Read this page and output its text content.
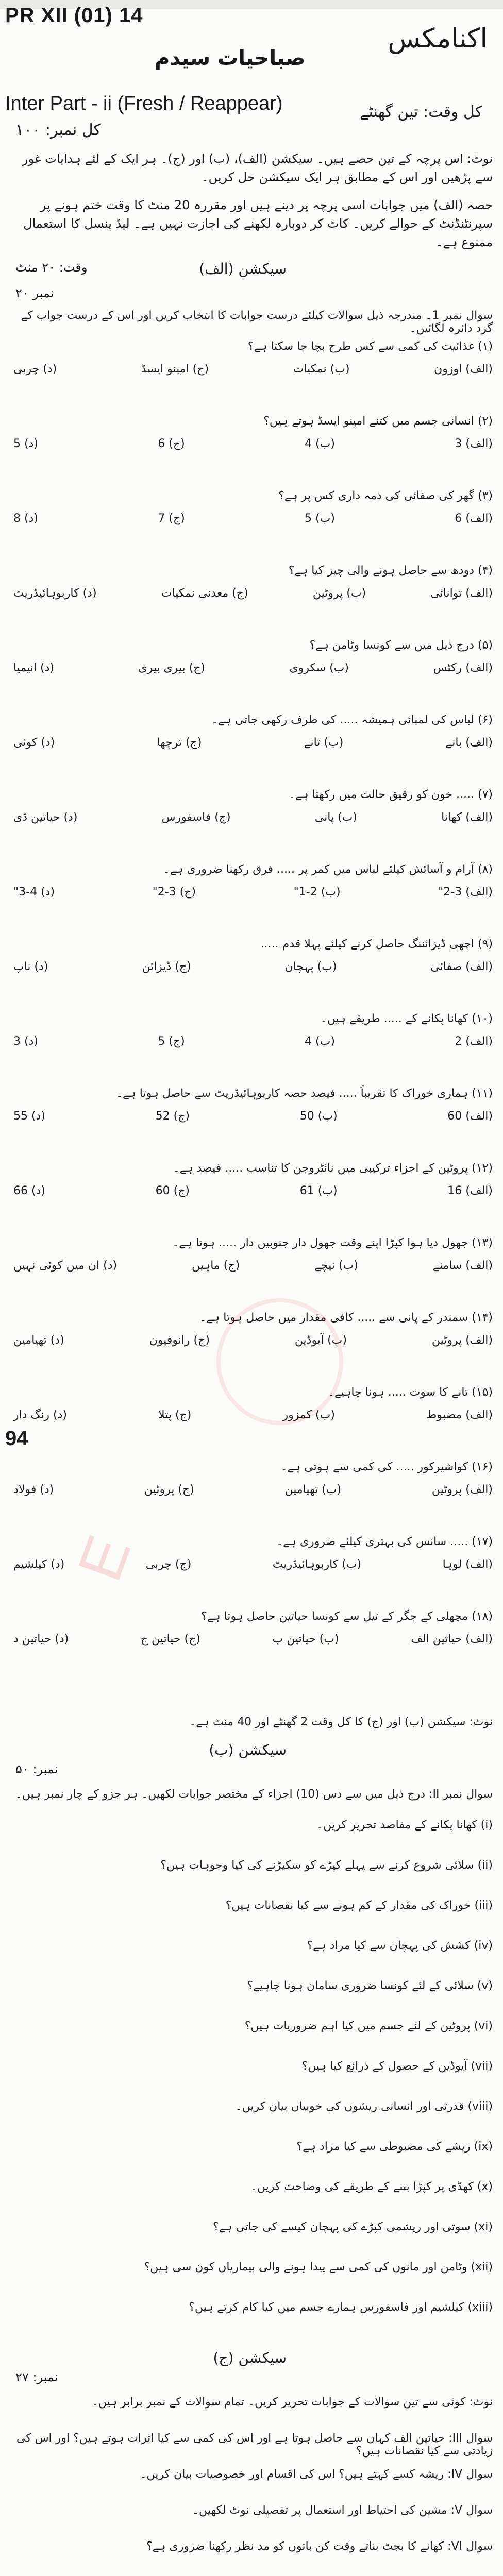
PR XII (01) 14
اکنامکس
صباحیات سیدم
Inter Part - ii (Fresh / Reappear)	کل وقت: تین گھنٹے
کل نمبر: ۱۰۰
نوٹ: اس پرچہ کے تین حصے ہیں۔ سیکشن (الف)، (ب) اور (ج)۔ ہر ایک کے لئے ہدایات غور سے پڑھیں اور اس کے مطابق ہر ایک سیکشن حل کریں۔
حصہ (الف) میں جوابات اسی پرچہ پر دینے ہیں اور مقررہ 20 منٹ کا وقت ختم ہونے پر سپرنٹنڈنٹ کے حوالے کریں۔ کاٹ کر دوبارہ لکھنے کی اجازت نہیں ہے۔ لیڈ پنسل کا استعمال ممنوع ہے۔
وقت: ۲۰ منٹ	سیکشن (الف)
نمبر ۲۰
سوال نمبر 1۔ مندرجہ ذیل سوالات کیلئے درست جوابات کا انتخاب کریں اور اس کے درست جواب کے گرد دائرہ لگائیں۔
(۱) غذائیت کی کمی سے کس طرح بچا جا سکتا ہے؟
(الف) اوزون
(ب) نمکیات
(ج) امینو ایسڈ
(د) چربی
(۲) انسانی جسم میں کتنے امینو ایسڈ ہوتے ہیں؟
(الف) 3
(ب) 4
(ج) 6
(د) 5
(۳) گھر کی صفائی کی ذمہ داری کس پر ہے؟
(الف) 6
(ب) 5
(ج) 7
(د) 8
(۴) دودھ سے حاصل ہونے والی چیز کیا ہے؟
(الف) توانائی
(ب) پروٹین
(ج) معدنی نمکیات
(د) کاربوہائیڈریٹ
(۵) درج ذیل میں سے کونسا وٹامن ہے؟
(الف) رکٹس
(ب) سکروی
(ج) بیری بیری
(د) انیمیا
(۶) لباس کی لمبائی ہمیشہ ..... کی طرف رکھی جاتی ہے۔
(الف) بانے
(ب) تانے
(ج) ترچھا
(د) کوئی
(۷) ..... خون کو رقیق حالت میں رکھتا ہے۔
(الف) کھانا
(ب) پانی
(ج) فاسفورس
(د) حیاتین ڈی
(۸) آرام و آسائش کیلئے لباس میں کمر پر ..... فرق رکھنا ضروری ہے۔
(الف) 3-2"
(ب) 2-1"
(ج) 3-2"
(د) 4-3"
(۹) اچھی ڈیزائننگ حاصل کرنے کیلئے پہلا قدم .....
(الف) صفائی
(ب) پہچان
(ج) ڈیزائن
(د) ناپ
(۱۰) کھانا پکانے کے ..... طریقے ہیں۔
(الف) 2
(ب) 4
(ج) 5
(د) 3
(۱۱) ہماری خوراک کا تقریباً ..... فیصد حصہ کاربوہائیڈریٹ سے حاصل ہوتا ہے۔
(الف) 60
(ب) 50
(ج) 52
(د) 55
(۱۲) پروٹین کے اجزاء ترکیبی میں نائٹروجن کا تناسب ..... فیصد ہے۔
(الف) 16
(ب) 61
(ج) 60
(د) 66
(۱۳) جھول دیا ہوا کپڑا اپنے وقت جھول دار جنوبیں دار ..... ہوتا ہے۔
(الف) سامنے
(ب) نیچے
(ج) ماہیں
(د) ان میں کوئی نہیں
(۱۴) سمندر کے پانی سے ..... کافی مقدار میں حاصل ہوتا ہے۔
(الف) پروٹین
(ب) آیوڈین
(ج) رانوفیون
(د) تھیامین
(۱۵) تانے کا سوت ..... ہونا چاہیے۔
(الف) مضبوط
(ب) کمزور
(ج) پتلا
(د) رنگ دار
(۱۶) کواشیرکور ..... کی کمی سے ہوتی ہے۔
(الف) پروٹین
(ب) تھیامین
(ج) پروٹین
(د) فولاد
(۱۷) ..... سانس کی بہتری کیلئے ضروری ہے۔
(الف) لوہا
(ب) کاربوہائیڈریٹ
(ج) چربی
(د) کیلشیم
(۱۸) مچھلی کے جگر کے تیل سے کونسا حیاتین حاصل ہوتا ہے؟
(الف) حیاتین الف
(ب) حیاتین ب
(ج) حیاتین ج
(د) حیاتین د
94
E
نوٹ: سیکشن (ب) اور (ج) کا کل وقت 2 گھنٹے اور 40 منٹ ہے۔
سیکشن (ب)
نمبر: ۵۰
سوال نمبر II: درج ذیل میں سے دس (10) اجزاء کے مختصر جوابات لکھیں۔ ہر جزو کے چار نمبر ہیں۔
(i) کھانا پکانے کے مقاصد تحریر کریں۔
(ii) سلائی شروع کرنے سے پہلے کپڑے کو سکیڑنے کی کیا وجوہات ہیں؟
(iii) خوراک کی مقدار کے کم ہونے سے کیا نقصانات ہیں؟
(iv) کشش کی پہچان سے کیا مراد ہے؟
(v) سلائی کے لئے کونسا ضروری سامان ہونا چاہیے؟
(vi) پروٹین کے لئے جسم میں کیا اہم ضروریات ہیں؟
(vii) آیوڈین کے حصول کے ذرائع کیا ہیں؟
(viii) قدرتی اور انسانی ریشوں کی خوبیاں بیان کریں۔
(ix) ریشے کی مضبوطی سے کیا مراد ہے؟
(x) کھڈی پر کپڑا بننے کے طریقے کی وضاحت کریں۔
(xi) سوتی اور ریشمی کپڑے کی پہچان کیسے کی جاتی ہے؟
(xii) وٹامن اور مانوں کی کمی سے پیدا ہونے والی بیماریاں کون سی ہیں؟
(xiii) کیلشیم اور فاسفورس ہمارے جسم میں کیا کام کرتے ہیں؟
سیکشن (ج)
نمبر: ۲۷
نوٹ: کوئی سے تین سوالات کے جوابات تحریر کریں۔ تمام سوالات کے نمبر برابر ہیں۔
سوال III: حیاتین الف کہاں سے حاصل ہوتا ہے اور اس کی کمی سے کیا اثرات ہوتے ہیں؟ اور اس کی زیادتی سے کیا نقصانات ہیں؟
سوال IV: ریشہ کسے کہتے ہیں؟ اس کی اقسام اور خصوصیات بیان کریں۔
سوال V: مشین کی احتیاط اور استعمال پر تفصیلی نوٹ لکھیں۔
سوال VI: کھانے کا بجٹ بناتے وقت کن باتوں کو مد نظر رکھنا ضروری ہے؟
